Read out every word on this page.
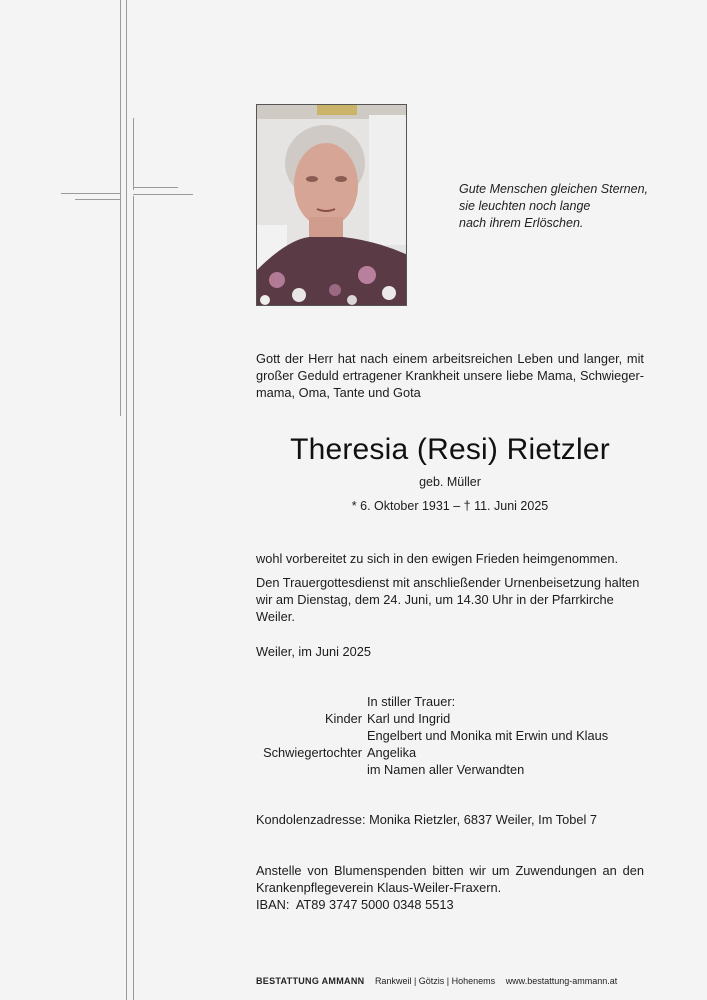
Gute Menschen gleichen Sternen,
sie leuchten noch lange
nach ihrem Erlöschen.
Gott der Herr hat nach einem arbeitsreichen Leben und langer, mit großer Geduld ertragener Krankheit unsere liebe Mama, Schwieger-mama, Oma, Tante und Gota
Theresia (Resi) Rietzler
geb. Müller
* 6. Oktober 1931 – † 11. Juni 2025
wohl vorbereitet zu sich in den ewigen Frieden heimgenommen.
Den Trauergottesdienst mit anschließender Urnenbeisetzung halten wir am Dienstag, dem 24. Juni, um 14.30 Uhr in der Pfarrkirche Weiler.
Weiler, im Juni 2025
In stiller Trauer:
Kinder Karl und Ingrid
Engelbert und Monika mit Erwin und Klaus
Schwiegertochter Angelika
im Namen aller Verwandten
Kondolenzadresse: Monika Rietzler, 6837 Weiler, Im Tobel 7
Anstelle von Blumenspenden bitten wir um Zuwendungen an den Krankenpflegeverein Klaus-Weiler-Fraxern.
IBAN:  AT89 3747 5000 0348 5513
BESTATTUNG AMMANN Rankweil | Götzis | Hohenems www.bestattung-ammann.at
